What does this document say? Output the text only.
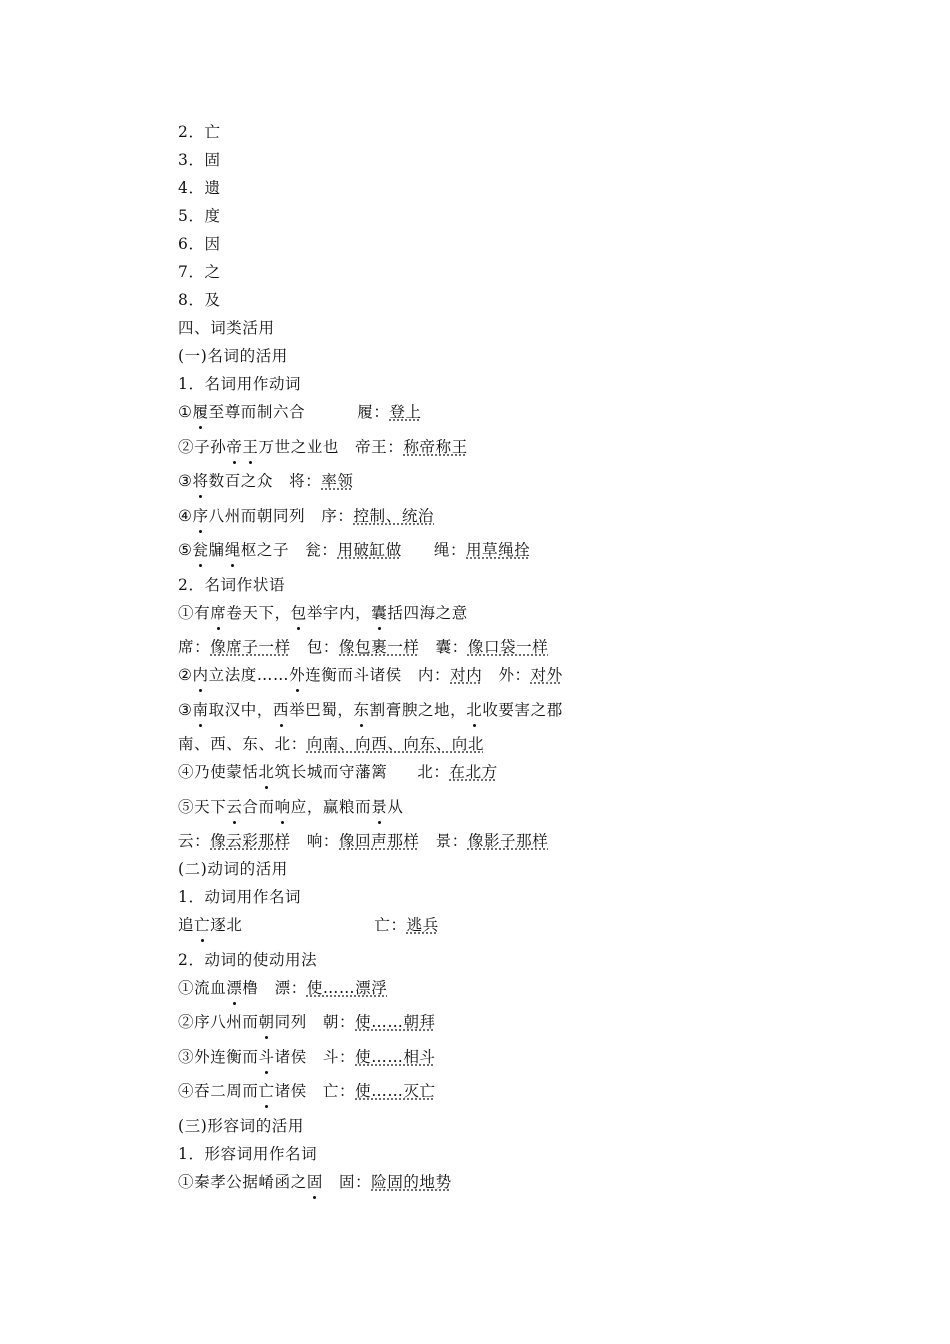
2．亡
3．固
4．遗
5．度
6．因
7．之
8．及
四、词类活用
(一)名词的活用
1．名词用作动词
①履至尊而制六合	履：登上
②子孙帝王万世之业也　帝王：称帝称王
③将数百之众　将：率领
④序八州而朝同列　序：控制、统治
⑤瓮牖绳枢之子　瓮：用破缸做 绳：用草绳拴
2．名词作状语
①有席卷天下，包举宇内，囊括四海之意
席：像席子一样　包：像包裹一样　囊：像口袋一样
②内立法度……外连衡而斗诸侯　内：对内　外：对外
③南取汉中，西举巴蜀，东割膏腴之地，北收要害之郡
南、西、东、北：向南、向西、向东、向北
④乃使蒙恬北筑长城而守藩篱 北：在北方
⑤天下云合而响应，赢粮而景从
云：像云彩那样　响：像回声那样　景：像影子那样
(二)动词的活用
1．动词用作名词
追亡逐北	亡：逃兵
2．动词的使动用法
①流血漂橹　漂：使……漂浮
②序八州而朝同列　朝：使……朝拜
③外连衡而斗诸侯　斗：使……相斗
④吞二周而亡诸侯　亡：使……灭亡
(三)形容词的活用
1．形容词用作名词
①秦孝公据崤函之固　固：险固的地势
